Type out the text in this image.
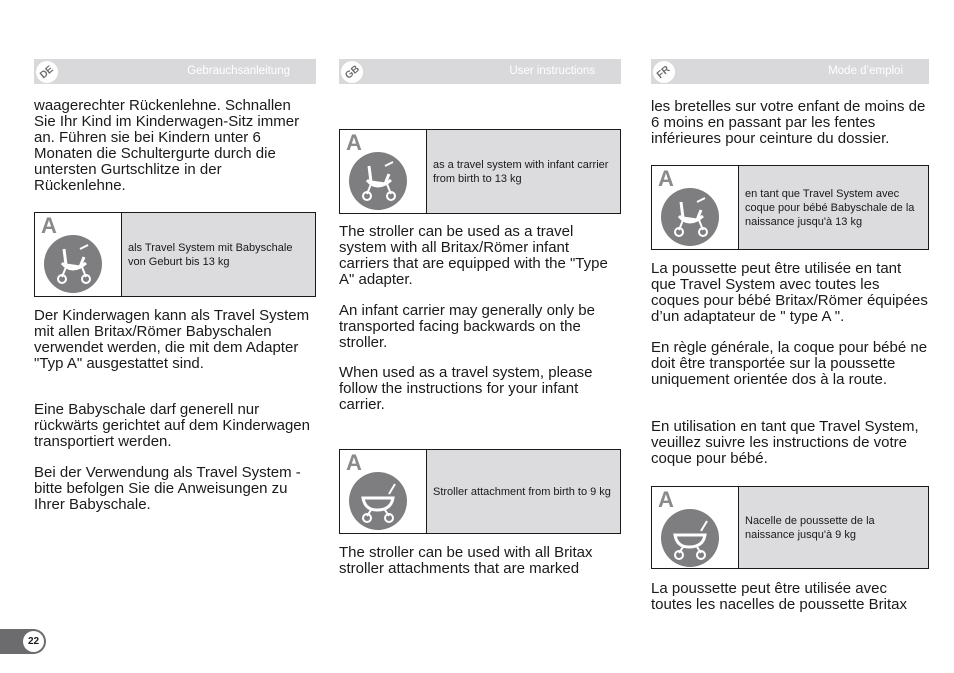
DE	Gebrauchsanleitung

waagerechter Rückenlehne. Schnallen Sie Ihr Kind im Kinderwagen-Sitz immer an. Führen sie bei Kindern unter 6 Monaten die Schultergurte durch die untersten Gurtschlitze in der Rückenlehne.

A
als Travel System mit Babyschale von Geburt bis 13 kg

Der Kinderwagen kann als Travel System mit allen Britax/Römer Babyschalen verwendet werden, die mit dem Adapter "Typ A" ausgestattet sind.

Eine Babyschale darf generell nur rückwärts gerichtet auf dem Kinderwagen transportiert werden.

Bei der Verwendung als Travel System - bitte befolgen Sie die Anweisungen zu Ihrer Babyschale.

GB	User instructions
A
as a travel system with infant carrier from birth to 13 kg

The stroller can be used as a travel system with all Britax/Römer infant carriers that are equipped with the "Type A" adapter.

An infant carrier may generally only be transported facing backwards on the stroller.

When used as a travel system, please follow the instructions for your infant carrier.

A
Stroller attachment from birth to 9 kg

The stroller can be used with all Britax stroller attachments that are marked

FR	Mode d’emploi

les bretelles sur votre enfant de moins de 6 moins en passant par les fentes inférieures pour ceinture du dossier.

A
en tant que Travel System avec coque pour bébé Babyschale de la naissance jusqu'à 13 kg

La poussette peut être utilisée en tant que Travel System avec toutes les coques pour bébé Britax/Römer équipées d’un adaptateur de " type A ".

En règle générale, la coque pour bébé ne doit être transportée sur la poussette uniquement orientée dos à la route.

En utilisation en tant que Travel System, veuillez suivre les instructions de votre coque pour bébé.

A
Nacelle de poussette de la naissance jusqu'à 9 kg

La poussette peut être utilisée avec toutes les nacelles de poussette Britax

22
